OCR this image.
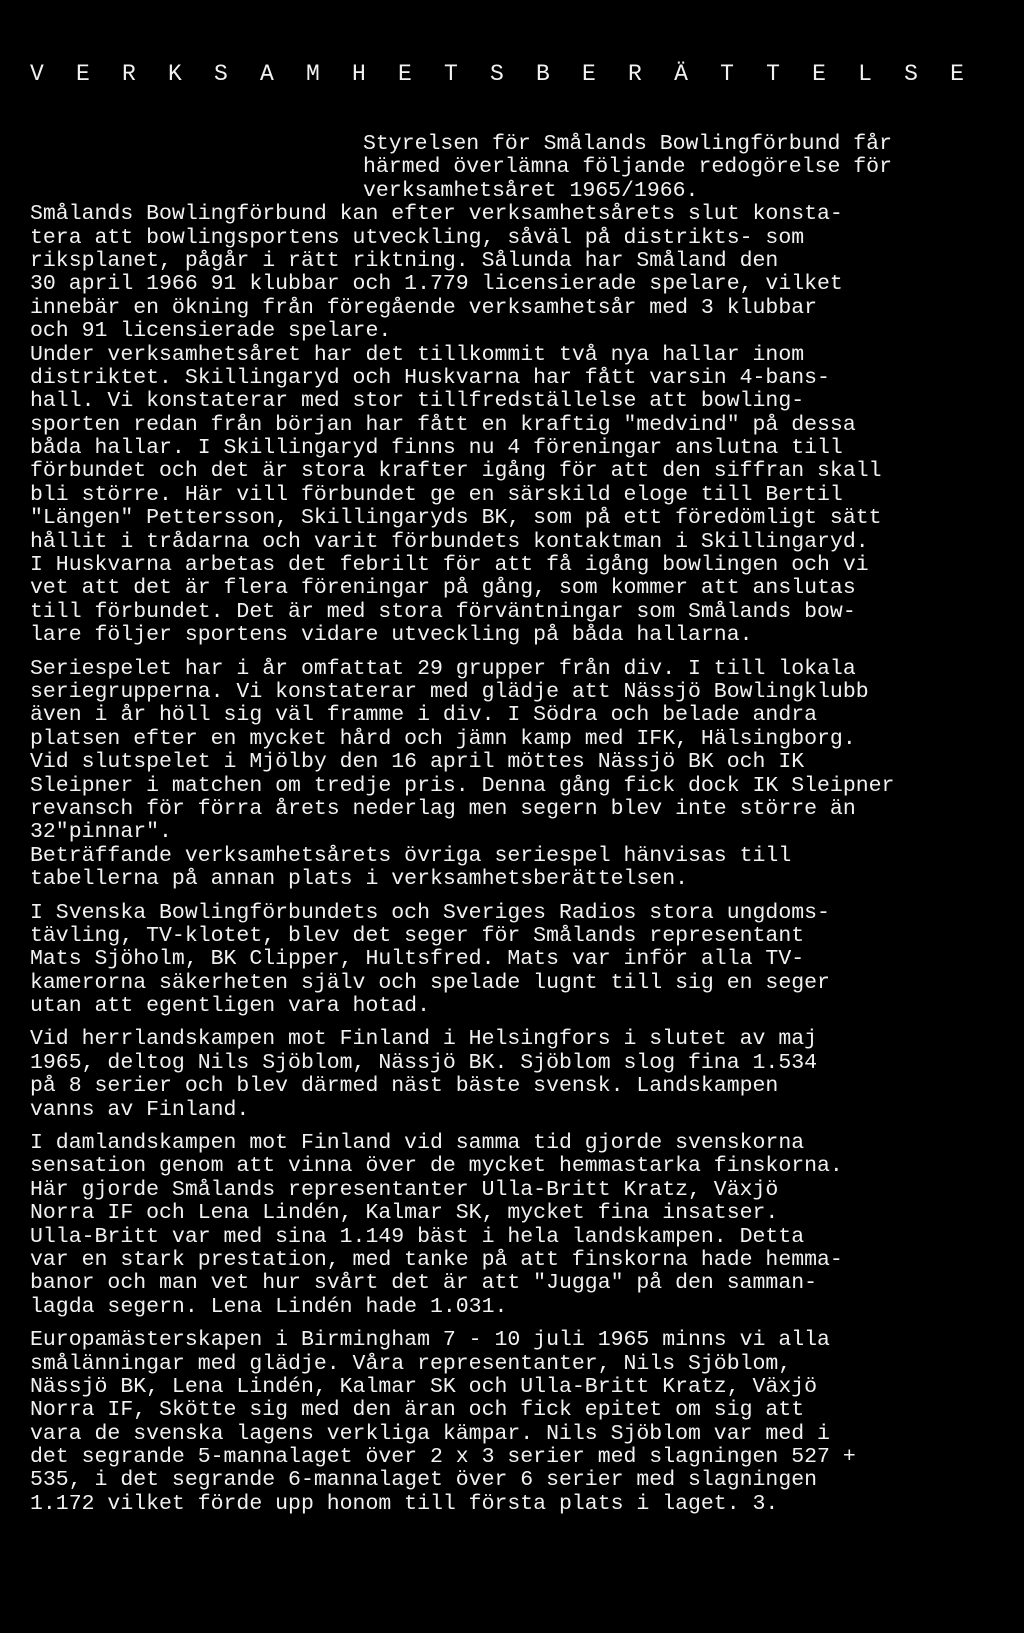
V E R K S A M H E T S B E R Ä T T E L S E
Styrelsen för Smålands Bowlingförbund får
härmed överlämna följande redogörelse för
verksamhetsåret 1965/1966.
Smålands Bowlingförbund kan efter verksamhetsårets slut konsta-
tera att bowlingsportens utveckling, såväl på distrikts- som
riksplanet, pågår i rätt riktning. Sålunda har Småland den
30 april 1966 91 klubbar och 1.779 licensierade spelare, vilket
innebär en ökning från föregående verksamhetsår med 3 klubbar
och 91 licensierade spelare.
Under verksamhetsåret har det tillkommit två nya hallar inom
distriktet. Skillingaryd och Huskvarna har fått varsin 4-bans-
hall. Vi konstaterar med stor tillfredställelse att bowling-
sporten redan från början har fått en kraftig "medvind" på dessa
båda hallar. I Skillingaryd finns nu 4 föreningar anslutna till
förbundet och det är stora krafter igång för att den siffran skall
bli större. Här vill förbundet ge en särskild eloge till Bertil
"Längen" Pettersson, Skillingaryds BK, som på ett föredömligt sätt
hållit i trådarna och varit förbundets kontaktman i Skillingaryd.
I Huskvarna arbetas det febrilt för att få igång bowlingen och vi
vet att det är flera föreningar på gång, som kommer att anslutas
till förbundet. Det är med stora förväntningar som Smålands bow-
lare följer sportens vidare utveckling på båda hallarna.
Seriespelet har i år omfattat 29 grupper från div. I till lokala
seriegrupperna. Vi konstaterar med glädje att Nässjö Bowlingklubb
även i år höll sig väl framme i div. I Södra och belade andra
platsen efter en mycket hård och jämn kamp med IFK, Hälsingborg.
Vid slutspelet i Mjölby den 16 april möttes Nässjö BK och IK
Sleipner i matchen om tredje pris. Denna gång fick dock IK Sleipner
revansch för förra årets nederlag men segern blev inte större än
32"pinnar".
Beträffande verksamhetsårets övriga seriespel hänvisas till
tabellerna på annan plats i verksamhetsberättelsen.
I Svenska Bowlingförbundets och Sveriges Radios stora ungdoms-
tävling, TV-klotet, blev det seger för Smålands representant
Mats Sjöholm, BK Clipper, Hultsfred. Mats var inför alla TV-
kamerorna säkerheten själv och spelade lugnt till sig en seger
utan att egentligen vara hotad.
Vid herrlandskampen mot Finland i Helsingfors i slutet av maj
1965, deltog Nils Sjöblom, Nässjö BK. Sjöblom slog fina 1.534
på 8 serier och blev därmed näst bäste svensk. Landskampen
vanns av Finland.
I damlandskampen mot Finland vid samma tid gjorde svenskorna
sensation genom att vinna över de mycket hemmastarka finskorna.
Här gjorde Smålands representanter Ulla-Britt Kratz, Växjö
Norra IF och Lena Lindén, Kalmar SK, mycket fina insatser.
Ulla-Britt var med sina 1.149 bäst i hela landskampen. Detta
var en stark prestation, med tanke på att finskorna hade hemma-
banor och man vet hur svårt det är att "Jugga" på den samman-
lagda segern. Lena Lindén hade 1.031.
Europamästerskapen i Birmingham 7 - 10 juli 1965 minns vi alla
smålänningar med glädje. Våra representanter, Nils Sjöblom,
Nässjö BK, Lena Lindén, Kalmar SK och Ulla-Britt Kratz, Växjö
Norra IF, Skötte sig med den äran och fick epitet om sig att
vara de svenska lagens verkliga kämpar. Nils Sjöblom var med i
det segrande 5-mannalaget över 2 x 3 serier med slagningen 527 +
535, i det segrande 6-mannalaget över 6 serier med slagningen
1.172 vilket förde upp honom till första plats i laget. 3.
